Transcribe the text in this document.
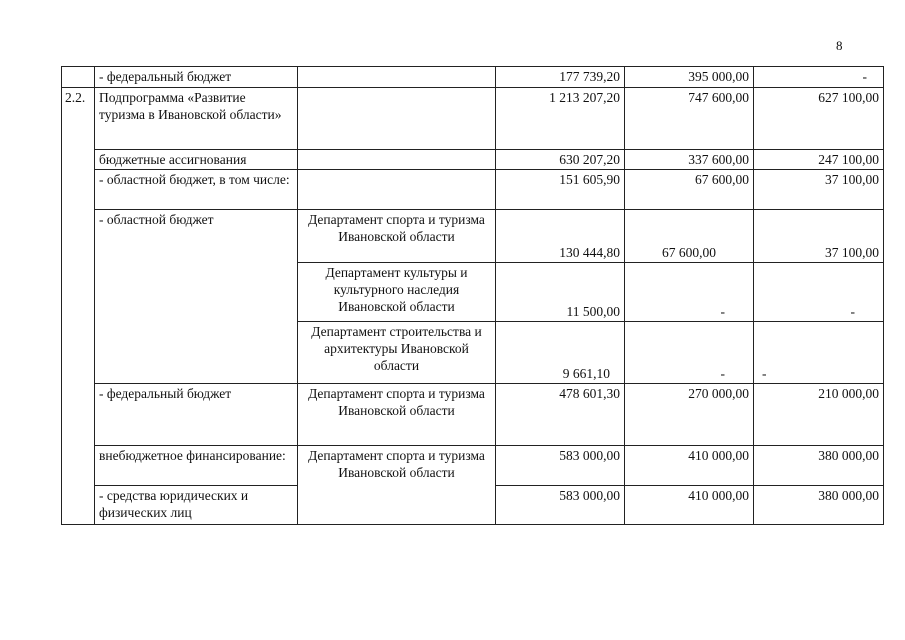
8
	- федеральный бюджет		177 739,20	395 000,00	-
2.2.	Подпрограмма «Развитие туризма в Ивановской области»		1 213 207,20	747 600,00	627 100,00
	бюджетные ассигнования		630 207,20	337 600,00	247 100,00
	- областной бюджет, в том числе:		151 605,90	67 600,00	37 100,00
	- областной бюджет	Департамент спорта и туризма Ивановской области	130 444,80	67 600,00	37 100,00
		Департамент культуры и культурного наследия Ивановской области	11 500,00	-	-
		Департамент строительства и архитектуры Ивановской области	9 661,10	-	-
	- федеральный бюджет	Департамент спорта и туризма Ивановской области	478 601,30	270 000,00	210 000,00
	внебюджетное финансирование:	Департамент спорта и туризма Ивановской области	583 000,00	410 000,00	380 000,00
	- средства юридических и физических лиц		583 000,00	410 000,00	380 000,00
